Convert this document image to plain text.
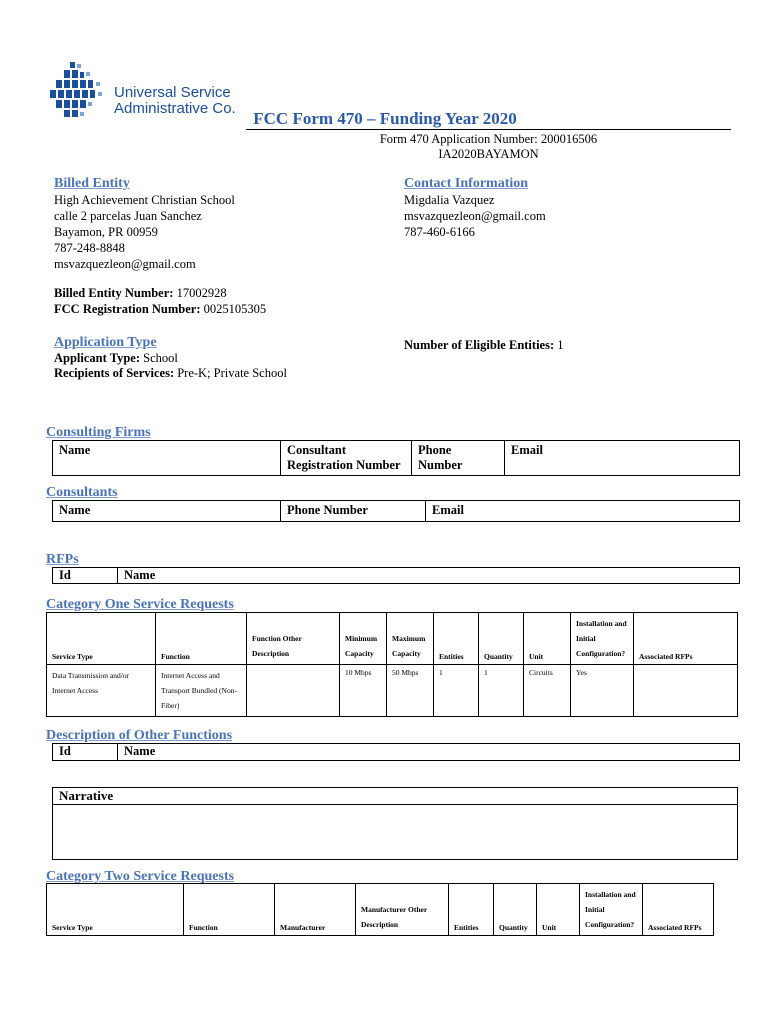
Universal Service
Administrative Co.
FCC Form 470 – Funding Year 2020
Form 470 Application Number: 200016506
IA2020BAYAMON
Billed Entity
High Achievement Christian School
calle 2 parcelas Juan Sanchez
Bayamon, PR 00959
787-248-8848
msvazquezleon@gmail.com
Contact Information
Migdalia Vazquez
msvazquezleon@gmail.com
787-460-6166
Billed Entity Number: 17002928
FCC Registration Number: 0025105305
Application Type
Applicant Type: School
Recipients of Services: Pre-K; Private School
Number of Eligible Entities: 1
Consulting Firms
Name	Consultant Registration Number	Phone Number	Email
Consultants
Name	Phone Number	Email
RFPs
Id	Name
Category One Service Requests
Service Type	Function	Function Other Description	Minimum Capacity	Maximum Capacity	Entities	Quantity	Unit	Installation and Initial Configuration?	Associated RFPs
Data Transmission and/or Internet Access	Internet Access and Transport Bundled (Non-Fiber)		10 Mbps	50 Mbps	1	1	Circuits	Yes	
Description of Other Functions
Id	Name
Narrative

Category Two Service Requests
Service Type	Function	Manufacturer	Manufacturer Other Description	Entities	Quantity	Unit	Installation and Initial Configuration?	Associated RFPs
